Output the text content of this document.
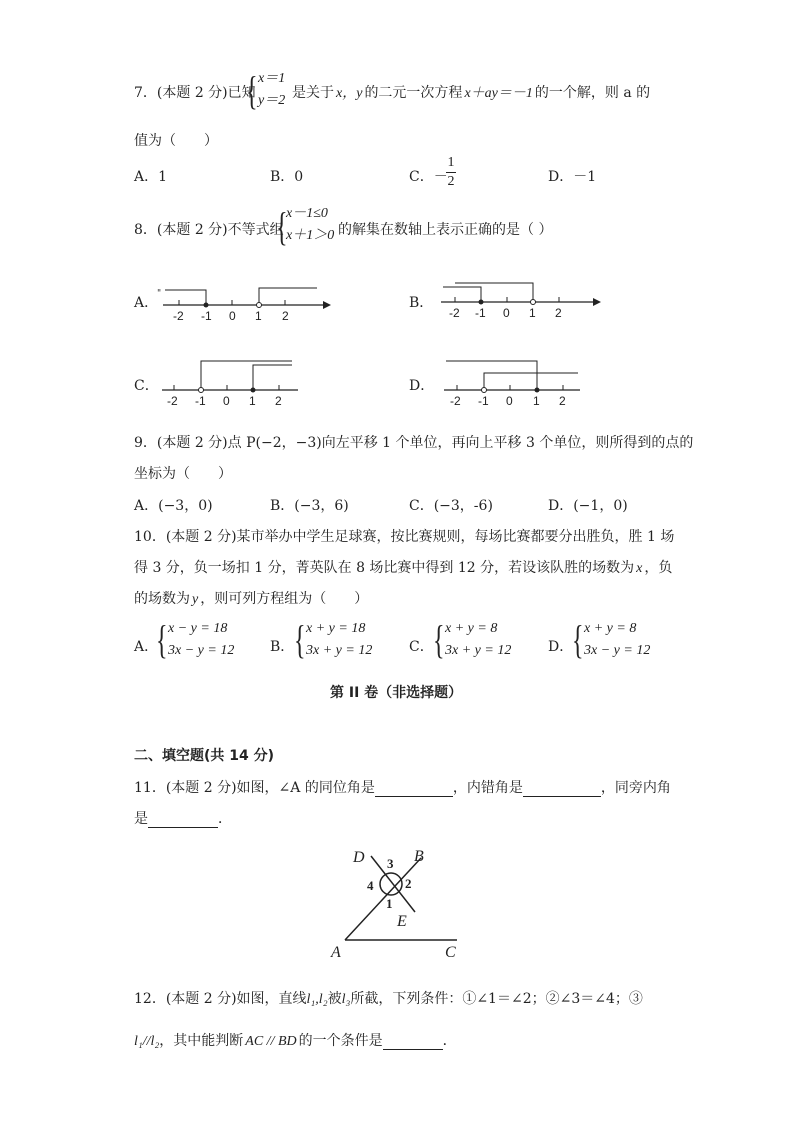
7．(本题 2 分)已知
{ x＝1
y＝2 是关于 x，y 的二元一次方程 x＋ay＝－1 的一个解，则 a 的
值为（　　）
A．1	B．0	C．－
1
2	D．－1
8．(本题 2 分)不等式组
{
x－1≤0
x＋1＞0 的解集在数轴上表示正确的是（ ）
A．
"
-2 -1 0 1 2
B．
-2 -1 0 1 2
C．
-2 -1 0 1 2
D．
-2 -1 0 1 2
9．(本题 2 分)点 P(−2，−3)向左平移 1 个单位，再向上平移 3 个单位，则所得到的点的
坐标为（　　）
A．(−3，0)	B．(−3，6)	C．(−3，-6)	D．(−1，0)
10．(本题 2 分)某市举办中学生足球赛，按比赛规则，每场比赛都要分出胜负，胜 1 场
得 3 分，负一场扣 1 分，菁英队在 8 场比赛中得到 12 分，若设该队胜的场数为 x ，负
的场数为 y ，则可列方程组为（　　）
A．
{ x − y = 18
3x − y = 12	B． { x + y = 18
3x + y = 12	C． { x + y = 8
3x + y = 12	D．
{ x + y = 8
3x − y = 12
第 II 卷（非选择题）
二、填空题(共 14 分)
11．(本题 2 分)如图，∠A 的同位角是	，内错角是	，同旁内角
是	．
D	B
3
4 2
1
E
A	C
12．(本题 2 分)如图，直线l₁,l₂被l₃所截，下列条件：①∠1＝∠2；②∠3＝∠4；③
l₁//l₂，其中能判断 AC // BD 的一个条件是	．
